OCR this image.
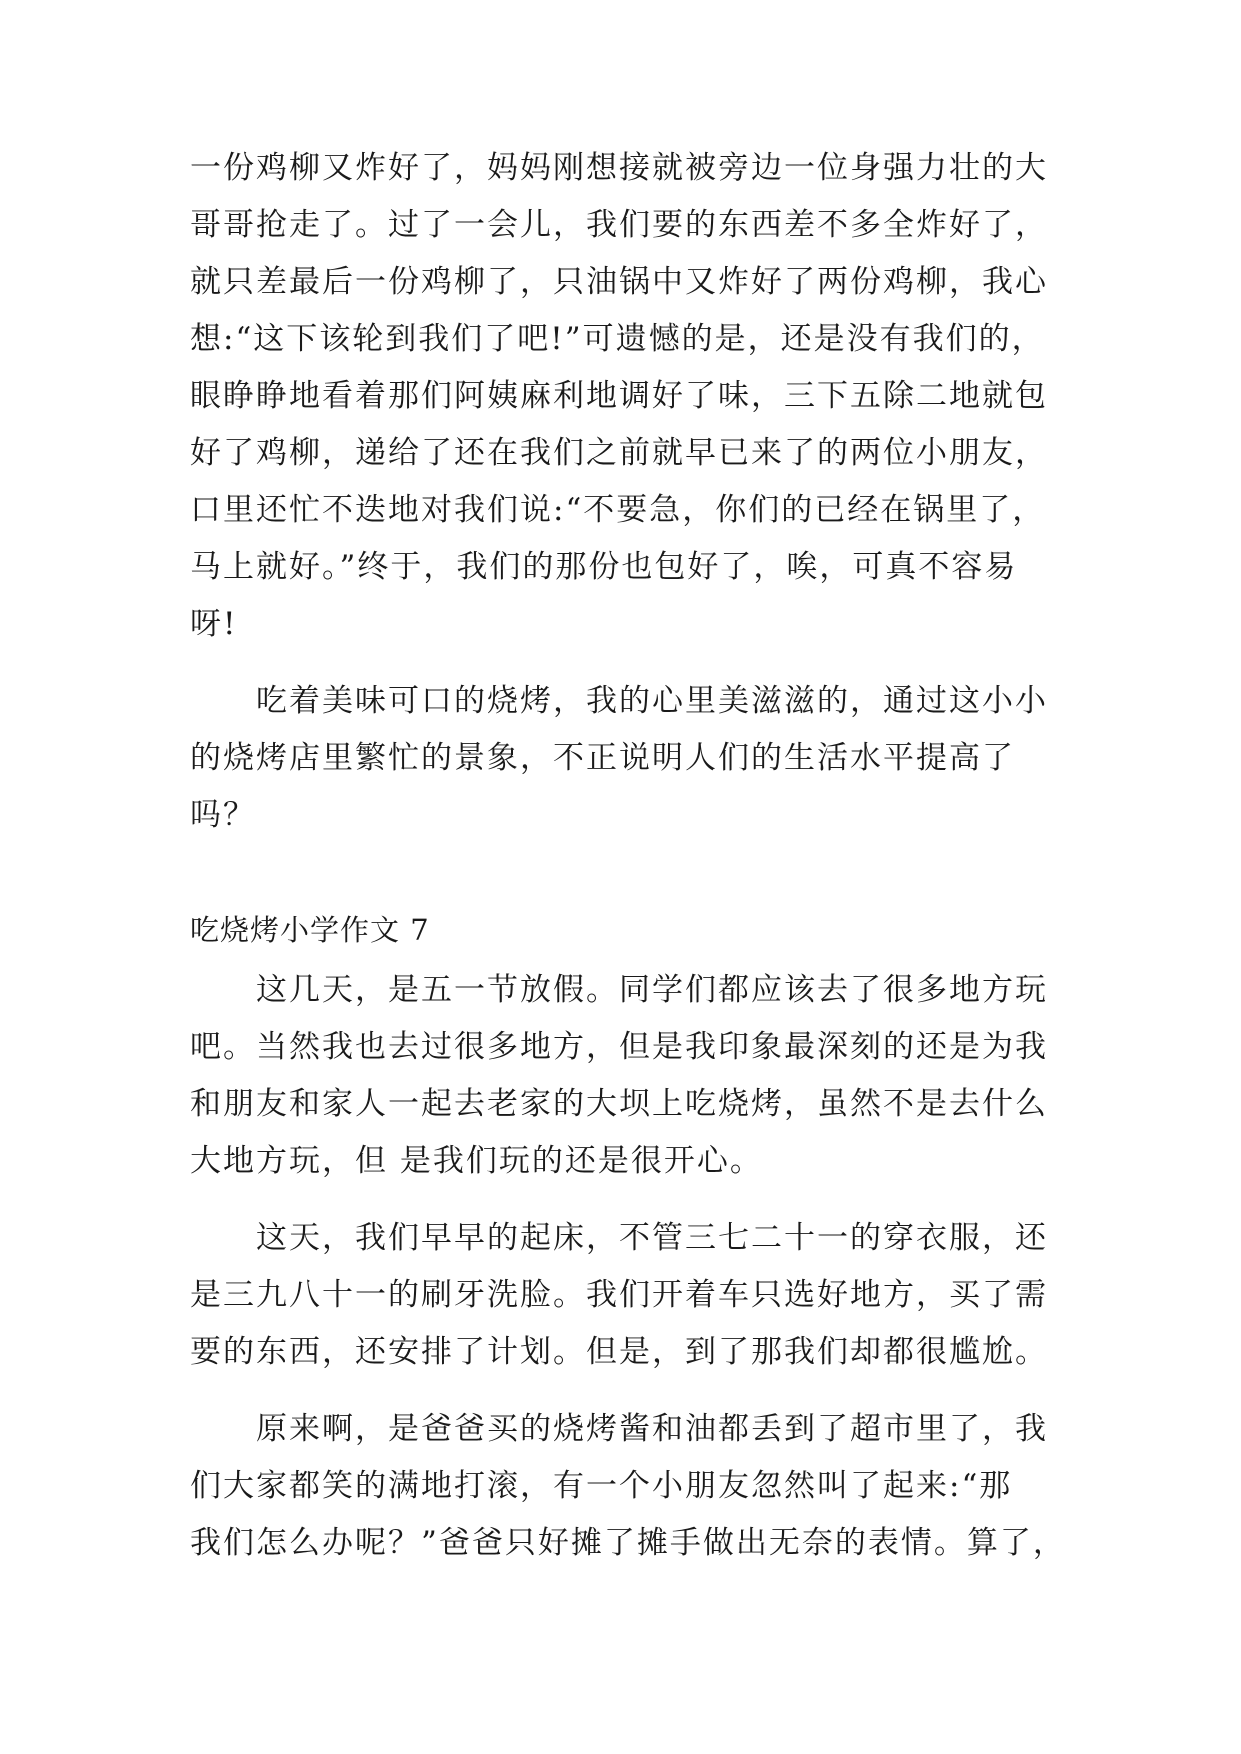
一份鸡柳又炸好了，妈妈刚想接就被旁边一位身强力壮的大
哥哥抢走了。过了一会儿，我们要的东西差不多全炸好了，
就只差最后一份鸡柳了，只油锅中又炸好了两份鸡柳，我心
想:“这下该轮到我们了吧!”可遗憾的是，还是没有我们的，
眼睁睁地看着那们阿姨麻利地调好了味，三下五除二地就包
好了鸡柳，递给了还在我们之前就早已来了的两位小朋友，
口里还忙不迭地对我们说:“不要急，你们的已经在锅里了，
马上就好。”终于，我们的那份也包好了，唉，可真不容易
呀!
吃着美味可口的烧烤，我的心里美滋滋的，通过这小小
的烧烤店里繁忙的景象，不正说明人们的生活水平提高了
吗？
吃烧烤小学作文 7
这几天，是五一节放假。同学们都应该去了很多地方玩
吧。当然我也去过很多地方，但是我印象最深刻的还是为我
和朋友和家人一起去老家的大坝上吃烧烤，虽然不是去什么
大地方玩，但 是我们玩的还是很开心。
这天，我们早早的起床，不管三七二十一的穿衣服，还
是三九八十一的刷牙洗脸。我们开着车只选好地方，买了需
要的东西，还安排了计划。但是，到了那我们却都很尴尬。
原来啊，是爸爸买的烧烤酱和油都丢到了超市里了，我
们大家都笑的满地打滚，有一个小朋友忽然叫了起来:“那
我们怎么办呢？”爸爸只好摊了摊手做出无奈的表情。算了，
